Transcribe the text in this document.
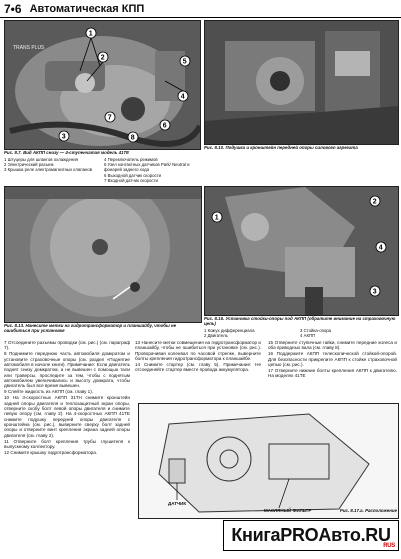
7•6 Автоматическая КПП
1
2
3
4
5
6
7
8
TRANS PLUS
Рис. 8.7. Вид АКПП снизу — 4-ступенчатая модель 41TE
1 Штуцеры для шлангов охлаждения
2 Электрический разъем
3 Крышка реле электромагнитных клапанов
4 Переключатель режимов
5 Узел контактных датчиков Park/ Neutral и фонарей заднего хода
6 Выходной датчик скорости
7 Входной датчик скорости
Рис. 8.10. Подушка и кронштейн передней опоры силового агрегата
Рис. 8.13. Нанесите метки на гидротрансформатор и планшайбу, чтобы не ошибиться при установке
1
2
3
4
Рис. 8.16. Установка стойки-опоры под АКПП (обратите внимание на страховочную цепь)
1 Кожух дифференциала
2 Двигатель
3 Стойка-опора
4 АКПП

7 Отсоедините разъемы проводки (см. рис.) (см. параграф 7).

8 Поднимите переднюю часть автомобиля домкратом и установите страховочные опоры (см. раздел «Поднятие автомобиля в начале книги). Примечание: Если двигатель поднят снизу домкратом, а не вывешен с помощью тали или траверсы, проследите за тем, чтобы с поднятым автомобилем увеличивались и высоту домкрата, чтобы двигатель был все время вывешен.

9 Слейте жидкость из АКПП (см. главу 1).

10 На 3-скоростных АКПП 31TH снимите кронштейн задней опоры двигателя и теплозащитный экран опоры, отверните скобу болт левой опоры двигателя и снимите левую опору (см. главу 2). На 4-скоростных АКПП 41TE снимите подушку передней опоры двигателя с кронштейна (см. рис.), выверните сверху болт задней опоры и отверните винт крепления экрана задней опоры двигателя (см. главу 2).

11 Отверните болт крепления трубы глушителя к выпускному коллектору.

12 Снимите крышку гидротрансформатора.

13 Нанесите метки совмещения на гидротрансформатор и планшайбу, чтобы не ошибиться при установке (см. рис.). Проворачивая коленвал по часовой стрелке, выверните болты крепления гидротрансформатора к планшайбе.

14 Снимите стартер (см. главу 5). Примечание: Не отсоединяйте стартер вместе провода аккумулятора.

15 Отверните ступичные гайки, снимите передние колеса и оба приводных вала (см. главу 8).

16 Поддержите АКПП телескопической стойкой-опорой. Для безопасности прикрепите АКПП к стойке страховочной цепью (см. рис.).

17 Отверните нижние болты крепления АКПП к двигателю. На моделях 41TE

ДАТЧИК
МАСЛЯНЫЙ ФИЛЬТР	Рис. 8.17.а. Расположение
КнигаPROАвто.RU
RUS
